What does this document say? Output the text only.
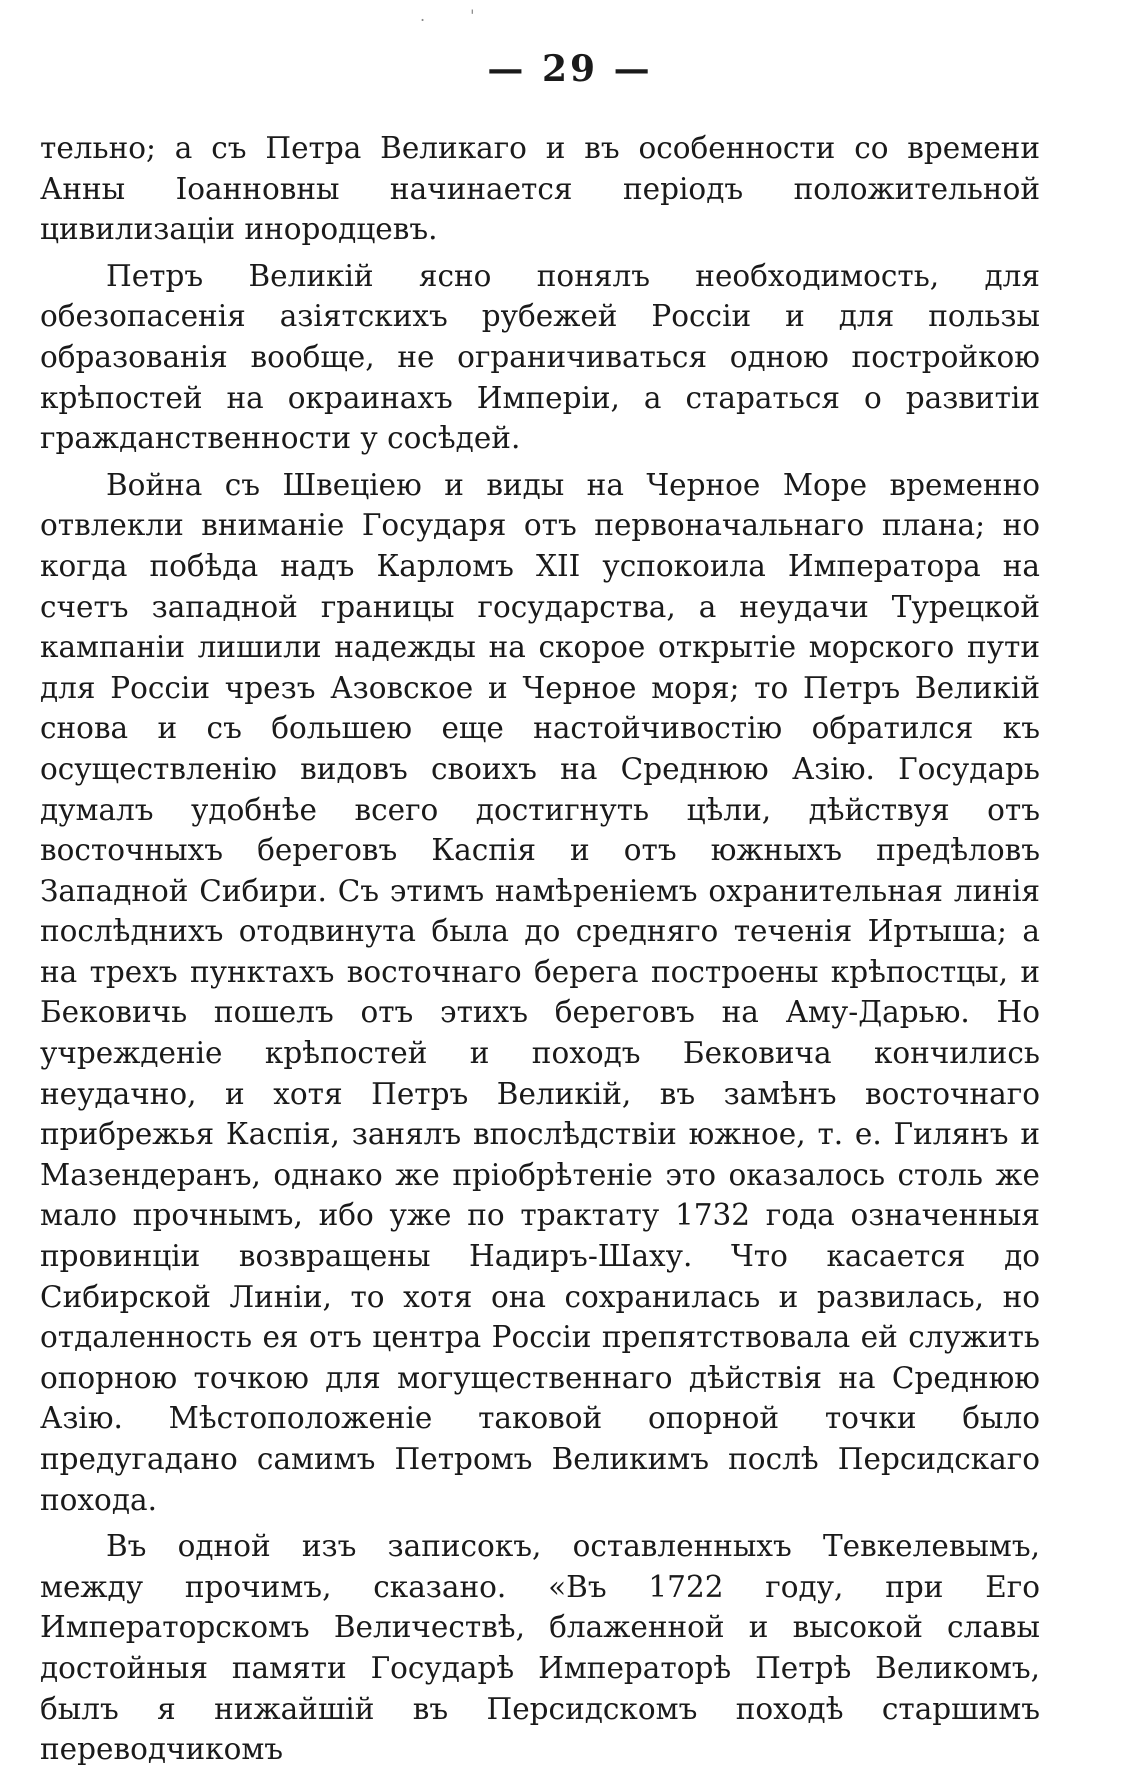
. '
— 29 —

тельно; а съ Петра Великаго и въ особенности со времени Анны Іоанновны начинается періодъ положительной цивилизаціи инородцевъ.

Петръ Великій ясно понялъ необходимость, для обезопасенія азіятскихъ рубежей Россіи и для пользы образованія вообще, не ограничиваться одною постройкою крѣпостей на окраинахъ Имперіи, а стараться о развитіи гражданственности у сосѣдей.

Война съ Швеціею и виды на Черное Море временно отвлекли вниманіе Государя отъ первоначальнаго плана; но когда побѣда надъ Карломъ XII успокоила Императора на счетъ западной границы государства, а неудачи Турецкой кампаніи лишили надежды на скорое открытіе морского пути для Россіи чрезъ Азовское и Черное моря; то Петръ Великій снова и съ большею еще настойчивостію обратился къ осуществленію видовъ своихъ на Среднюю Азію. Государь думалъ удобнѣе всего достигнуть цѣли, дѣйствуя отъ восточныхъ береговъ Каспія и отъ южныхъ предѣловъ Западной Сибири. Съ этимъ намѣреніемъ охранительная линія послѣднихъ отодвинута была до средняго теченія Иртыша; а на трехъ пунктахъ восточнаго берега построены крѣпостцы, и Бековичь пошелъ отъ этихъ береговъ на Аму-Дарью. Но учрежденіе крѣпостей и походъ Бековича кончились неудачно, и хотя Петръ Великій, въ замѣнъ восточнаго прибрежья Каспія, занялъ впослѣдствіи южное, т. е. Гилянъ и Мазендеранъ, однако же пріобрѣтеніе это оказалось столь же мало прочнымъ, ибо уже по трактату 1732 года означенныя провинціи возвращены Надиръ-Шаху. Что касается до Сибирской Линіи, то хотя она сохранилась и развилась, но отдаленность ея отъ центра Россіи препятствовала ей служить опорною точкою для могущественнаго дѣйствія на Среднюю Азію. Мѣстоположеніе таковой опорной точки было предугадано самимъ Петромъ Великимъ послѣ Персидскаго похода.

Въ одной изъ записокъ, оставленныхъ Тевкелевымъ, между прочимъ, сказано. «Въ 1722 году, при Его Императорскомъ Величествѣ, блаженной и высокой славы достойныя памяти Государѣ Императорѣ Петрѣ Великомъ, былъ я нижайшій въ Персидскомъ походѣ старшимъ переводчикомъ
